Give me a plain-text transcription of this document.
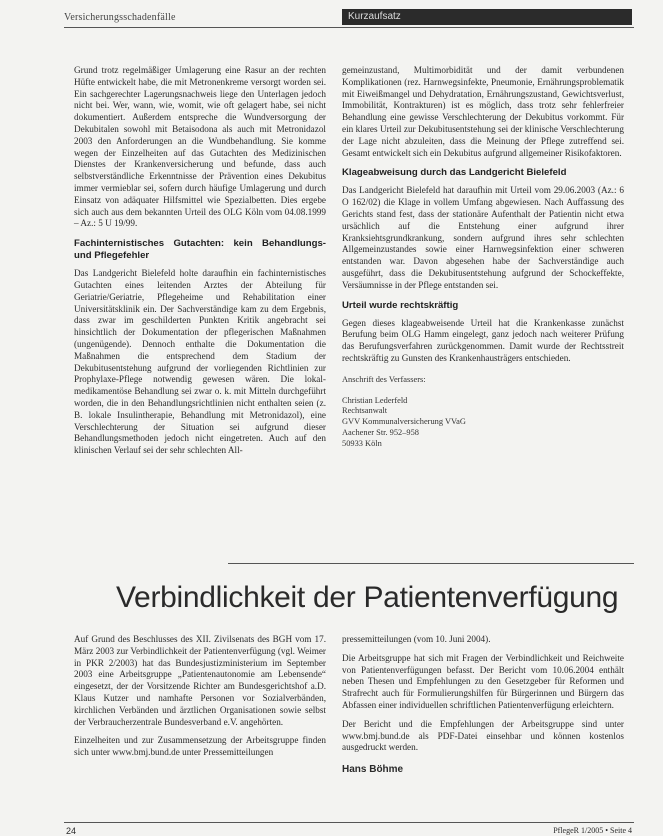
Versicherungsschadenfälle	Kurzaufsatz

Grund trotz regelmäßiger Umlagerung eine Rasur an der rechten Hüfte entwickelt habe, die mit Metronenkreme versorgt worden sei. Ein sachgerechter Lagerungsnachweis liege den Unterlagen jedoch nicht bei. Wer, wann, wie, womit, wie oft gelagert habe, sei nicht dokumentiert. Außerdem entspreche die Wundversorgung der Dekubitalen sowohl mit Betaisodona als auch mit Metronidazol 2003 den Anforderungen an die Wundbehandlung. Sie komme wegen der Einzelheiten auf das Gutachten des Medizinischen Dienstes der Krankenversicherung und befunde, dass auch selbstverständliche Erkenntnisse der Prävention eines Dekubitus immer vermieblar sei, sofern durch häufige Umlagerung und durch Einsatz von adäquater Hilfsmittel wie Spezialbetten. Dies ergebe sich auch aus dem bekannten Urteil des OLG Köln vom 04.08.1999 – Az.: 5 U 19/99.

Fachinternistisches Gutachten: kein Behandlungs- und Pflegefehler

Das Landgericht Bielefeld holte daraufhin ein fachinternistisches Gutachten eines leitenden Arztes der Abteilung für Geriatrie/Geriatrie, Pflegeheime und Rehabilitation einer Universitätsklinik ein. Der Sachverständige kam zu dem Ergebnis, dass zwar im geschilderten Punkten Kritik angebracht sei hinsichtlich der Dokumentation der pflegerischen Maßnahmen (ungenügende). Dennoch enthalte die Dokumentation die Maßnahmen die entsprechend dem Stadium der Dekubitusentstehung aufgrund der vorliegenden Richtlinien zur Prophylaxe-Pflege notwendig gewesen wären. Die lokal-medikamentöse Behandlung sei zwar o. k. mit Mitteln durchgeführt worden, die in den Behandlungsrichtlinien nicht enthalten seien (z. B. lokale Insulintherapie, Behandlung mit Metronidazol), eine Verschlechterung der Situation sei aufgrund dieser Behandlungsmethoden jedoch nicht eingetreten. Auch auf den klinischen Verlauf sei der sehr schlechten All-

gemeinzustand, Multimorbidität und der damit verbundenen Komplikationen (rez. Harnwegsinfekte, Pneumonie, Ernährungsproblematik mit Eiweißmangel und Dehydratation, Ernährungszustand, Gewichtsverlust, Immobilität, Kontrakturen) ist es möglich, dass trotz sehr fehlerfreier Behandlung eine gewisse Verschlechterung der Dekubitus vorkommt. Für ein klares Urteil zur Dekubitusentstehung sei der klinische Verschlechterung der Lage nicht abzuleiten, dass die Meinung der Pflege zutreffend sei. Gesamt entwickelt sich ein Dekubitus aufgrund allgemeiner Risikofaktoren.

Klageabweisung durch das Landgericht Bielefeld

Das Landgericht Bielefeld hat daraufhin mit Urteil vom 29.06.2003 (Az.: 6 O 162/02) die Klage in vollem Umfang abgewiesen. Nach Auffassung des Gerichts stand fest, dass der stationäre Aufenthalt der Patientin nicht etwa ursächlich auf die Entstehung einer aufgrund ihrer Kranksiehtsgrundkrankung, sondern aufgrund ihres sehr schlechten Allgemeinzustandes sowie einer Harnwegsinfektion einer schweren entstanden war. Davon abgesehen habe der Sachverständige auch ausgeführt, dass die Dekubitusentstehung aufgrund der Schockeffekte, Versäumnisse in der Pflege entstanden sei.

Urteil wurde rechtskräftig

Gegen dieses klageabweisende Urteil hat die Krankenkasse zunächst Berufung beim OLG Hamm eingelegt, ganz jedoch nach weiterer Prüfung das Berufungsverfahren zurückgenommen. Damit wurde der Rechtsstreit rechtskräftig zu Gunsten des Krankenhausträgers entschieden.

Anschrift des Verfassers:
Christian Lederfeld
Rechtsanwalt
GVV Kommunalversicherung VVaG
Aachener Str. 952–958
50933 Köln
Verbindlichkeit der Patientenverfügung

Auf Grund des Beschlusses des XII. Zivilsenats des BGH vom 17. März 2003 zur Verbindlichkeit der Patientenverfügung (vgl. Weimer in PKR 2/2003) hat das Bundesjustizministerium im September 2003 eine Arbeitsgruppe „Patientenautonomie am Lebensende“ eingesetzt, der der Vorsitzende Richter am Bundesgerichtshof a.D. Klaus Kutzer und namhafte Personen vor Sozialverbänden, kirchlichen Verbänden und ärztlichen Organisationen sowie selbst der Verbraucherzentrale Bundesverband e.V. angehörten.

Einzelheiten und zur Zusammensetzung der Arbeitsgruppe finden sich unter www.bmj.bund.de unter Pressemitteilungen

pressemitteilungen (vom 10. Juni 2004).

Die Arbeitsgruppe hat sich mit Fragen der Verbindlichkeit und Reichweite von Patientenverfügungen befasst. Der Bericht vom 10.06.2004 enthält neben Thesen und Empfehlungen zu den Gesetzgeber für Reformen und Strafrecht auch für Formulierungshilfen für Bürgerinnen und Bürgern das Abfassen einer individuellen schriftlichen Patientenverfügung erleichtern.

Der Bericht und die Empfehlungen der Arbeitsgruppe sind unter www.bmj.bund.de als PDF-Datei einsehbar und können kostenlos ausgedruckt werden.

Hans Böhme
24	PflegeR 1/2005 • Seite 4
